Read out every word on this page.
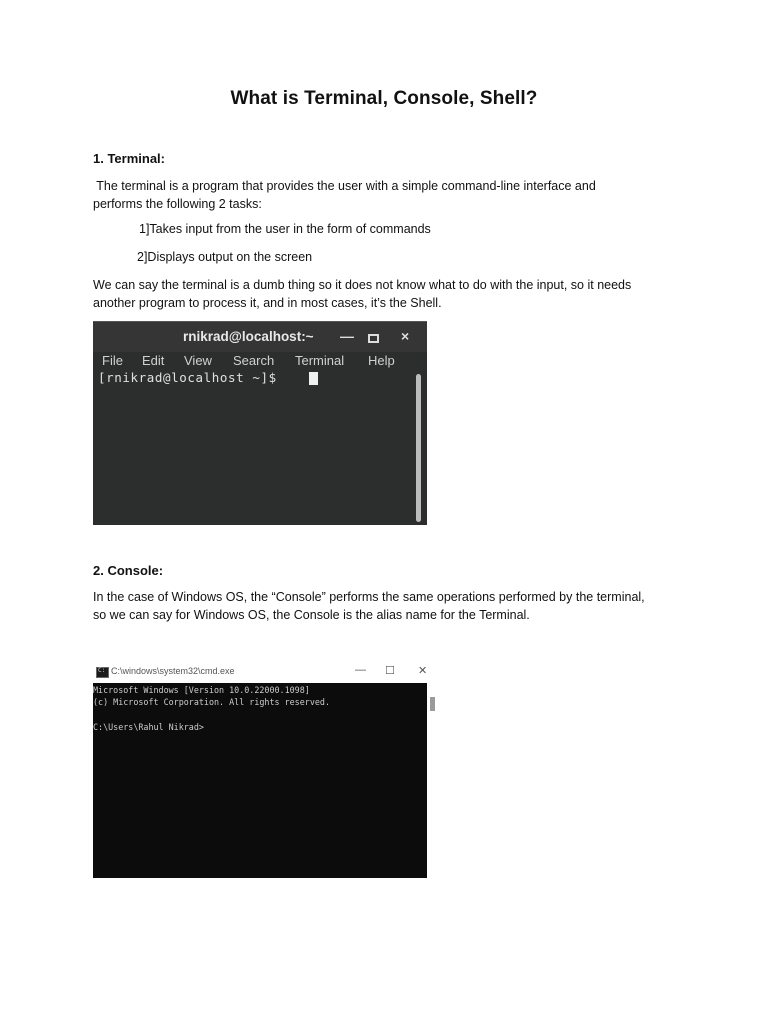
What is Terminal, Console, Shell?
1. Terminal:
The terminal is a program that provides the user with a simple command-line interface and
performs the following 2 tasks:
1]Takes input from the user in the form of commands
2]Displays output on the screen
We can say the terminal is a dumb thing so it does not know what to do with the input, so it needs
another program to process it, and in most cases, it’s the Shell.
rnikrad@localhost:~ —	×
File Edit View Search Terminal Help
[rnikrad@localhost ~]$
2. Console:
In the case of Windows OS, the “Console” performs the same operations performed by the terminal,
so we can say for Windows OS, the Console is the alias name for the Terminal.
C:
C:\windows\system32\cmd.exe	— ☐ ✕
Microsoft Windows [Version 10.0.22000.1098]
(c) Microsoft Corporation. All rights reserved.
C:\Users\Rahul Nikrad>
